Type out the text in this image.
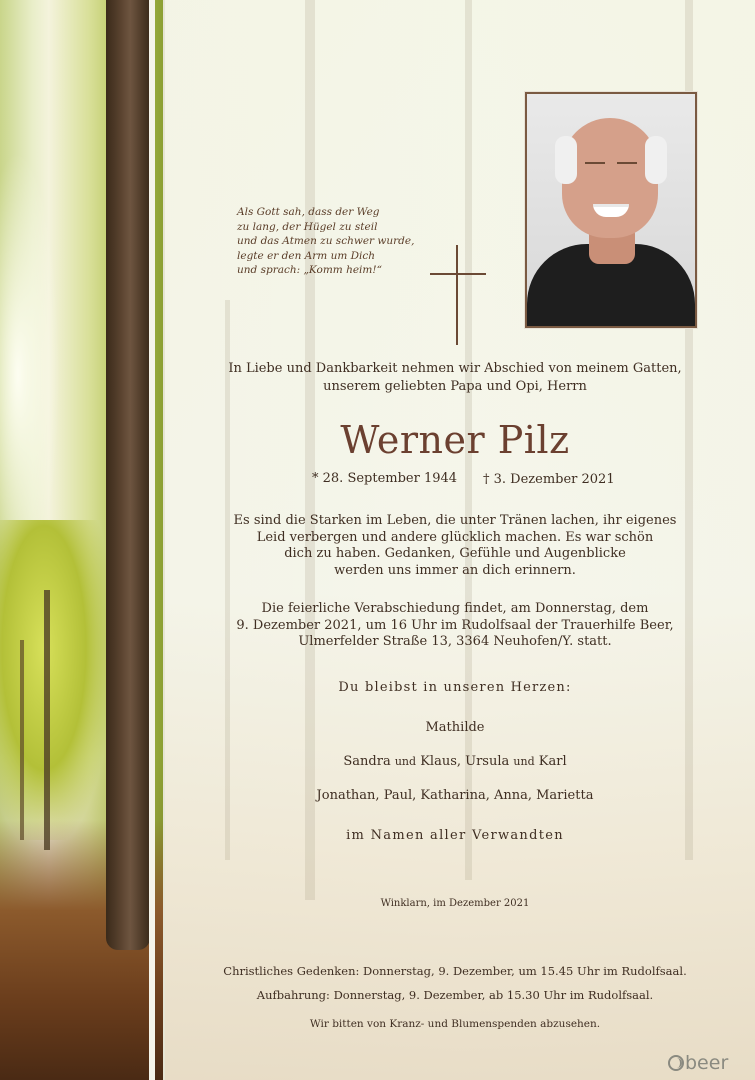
Als Gott sah, dass der Weg
zu lang, der Hügel zu steil
und das Atmen zu schwer wurde,
legte er den Arm um Dich
und sprach: „Komm heim!“

In Liebe und Dankbarkeit nehmen wir Abschied von meinem Gatten, unserem geliebten Papa und Opi, Herrn

Werner Pilz
* 28. September 1944 † 3. Dezember 2021
Es sind die Starken im Leben, die unter Tränen lachen, ihr eigenes
Leid verbergen und andere glücklich machen. Es war schön
dich zu haben. Gedanken, Gefühle und Augenblicke
werden uns immer an dich erinnern.
Die feierliche Verabschiedung findet, am Donnerstag, dem
9. Dezember 2021, um 16 Uhr im Rudolfsaal der Trauerhilfe Beer,
Ulmerfelder Straße 13, 3364 Neuhofen/Y. statt.
Du bleibst in unseren Herzen:
Mathilde
Sandra und Klaus, Ursula und Karl
Jonathan, Paul, Katharina, Anna, Marietta
im Namen aller Verwandten
Winklarn, im Dezember 2021
Christliches Gedenken: Donnerstag, 9. Dezember, um 15.45 Uhr im Rudolfsaal.
Aufbahrung: Donnerstag, 9. Dezember, ab 15.30 Uhr im Rudolfsaal.
Wir bitten von Kranz- und Blumenspenden abzusehen.
beer
